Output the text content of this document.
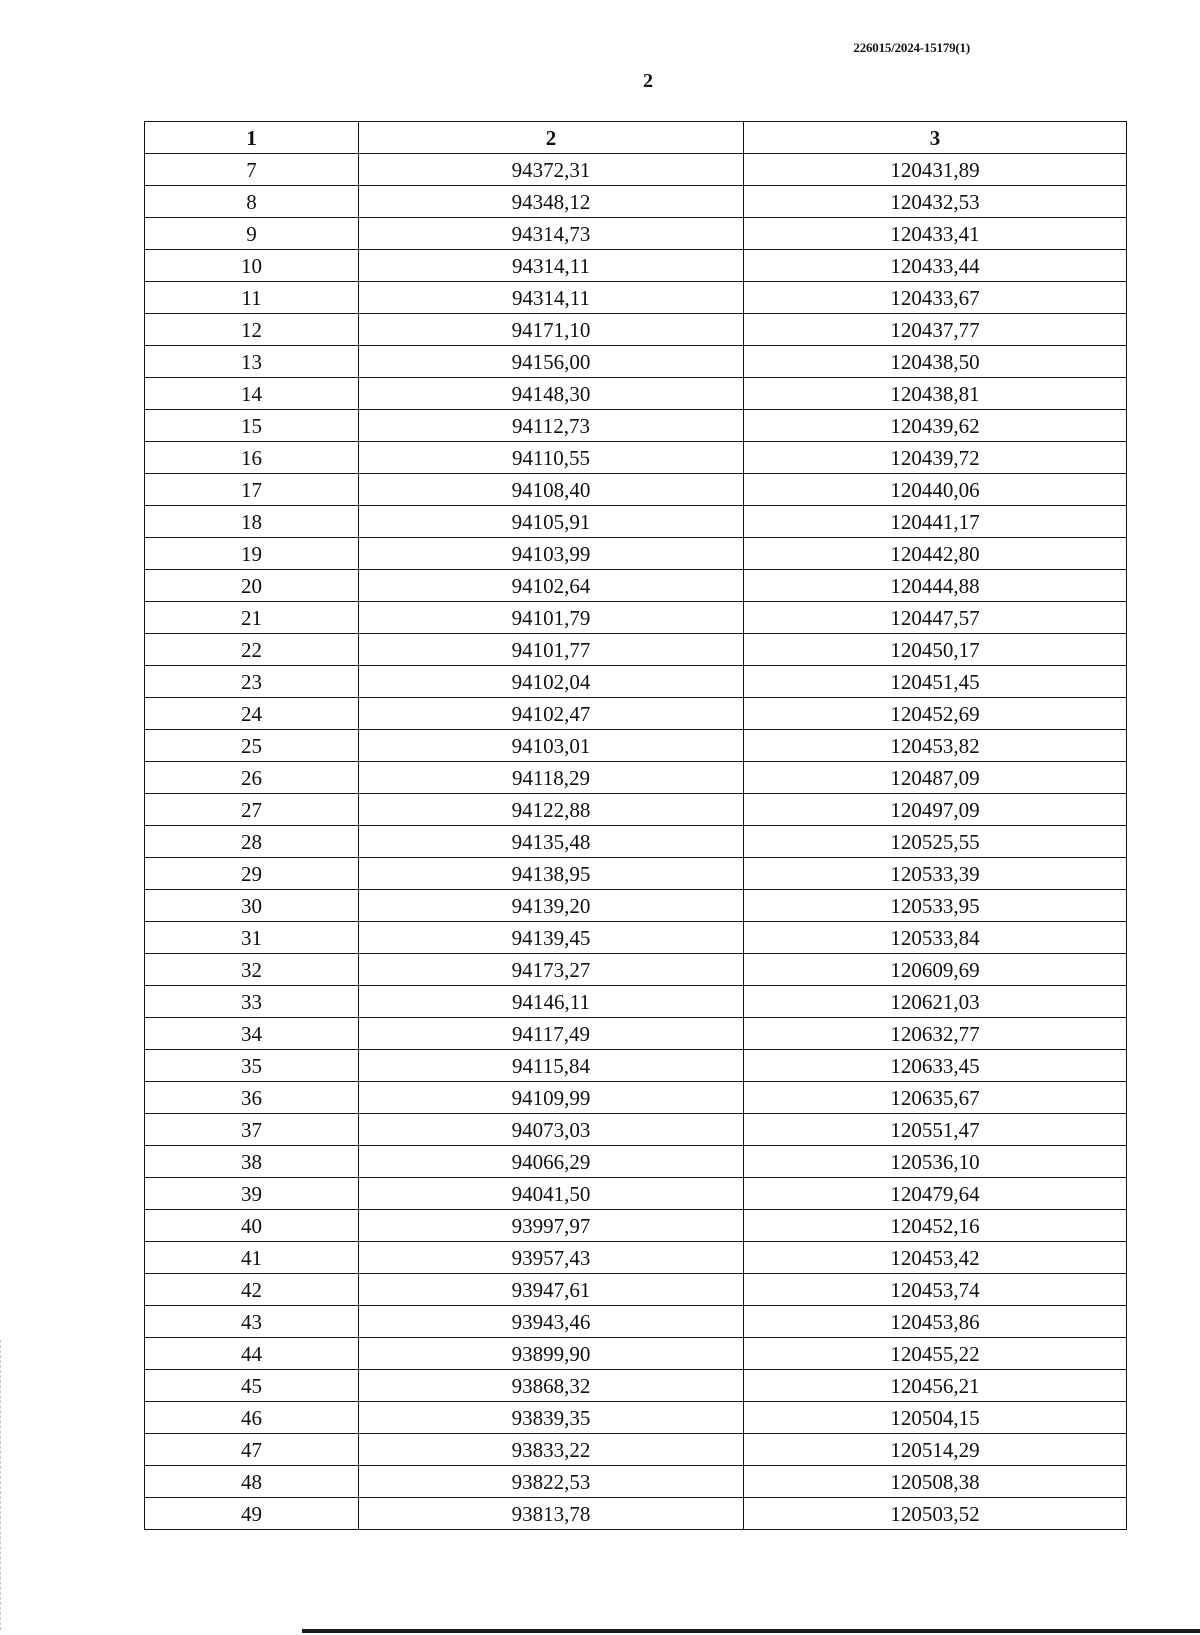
226015/2024-15179(1)
2
1	2	3
7	94372,31	120431,89
8	94348,12	120432,53
9	94314,73	120433,41
10	94314,11	120433,44
11	94314,11	120433,67
12	94171,10	120437,77
13	94156,00	120438,50
14	94148,30	120438,81
15	94112,73	120439,62
16	94110,55	120439,72
17	94108,40	120440,06
18	94105,91	120441,17
19	94103,99	120442,80
20	94102,64	120444,88
21	94101,79	120447,57
22	94101,77	120450,17
23	94102,04	120451,45
24	94102,47	120452,69
25	94103,01	120453,82
26	94118,29	120487,09
27	94122,88	120497,09
28	94135,48	120525,55
29	94138,95	120533,39
30	94139,20	120533,95
31	94139,45	120533,84
32	94173,27	120609,69
33	94146,11	120621,03
34	94117,49	120632,77
35	94115,84	120633,45
36	94109,99	120635,67
37	94073,03	120551,47
38	94066,29	120536,10
39	94041,50	120479,64
40	93997,97	120452,16
41	93957,43	120453,42
42	93947,61	120453,74
43	93943,46	120453,86
44	93899,90	120455,22
45	93868,32	120456,21
46	93839,35	120504,15
47	93833,22	120514,29
48	93822,53	120508,38
49	93813,78	120503,52
